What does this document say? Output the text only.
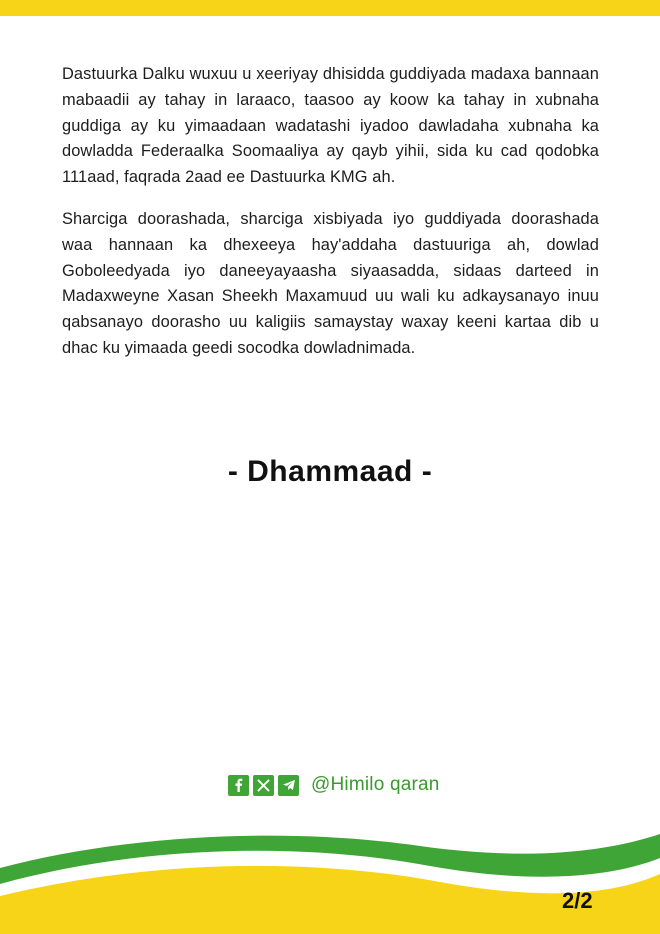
Dastuurka Dalku wuxuu u xeeriyay dhisidda guddiyada madaxa bannaan mabaadii ay tahay in laraaco, taasoo ay koow ka tahay in xubnaha guddiga ay ku yimaadaan wadatashi iyadoo dawladaha xubnaha ka dowladda Federaalka Soomaaliya ay qayb yihii, sida ku cad qodobka 111aad, faqrada 2aad ee Dastuurka KMG ah.

Sharciga doorashada, sharciga xisbiyada iyo guddiyada doorashada waa hannaan ka dhexeeya hay'addaha dastuuriga ah, dowlad Goboleedyada iyo daneeyayaasha siyaasadda, sidaas darteed in Madaxweyne Xasan Sheekh Maxamuud uu wali ku adkaysanayo inuu qabsanayo doorasho uu kaligiis samaystay waxay keeni kartaa dib u dhac ku yimaada geedi socodka dowladnimada.

- Dhammaad -
@Himilo qaran
2/2
